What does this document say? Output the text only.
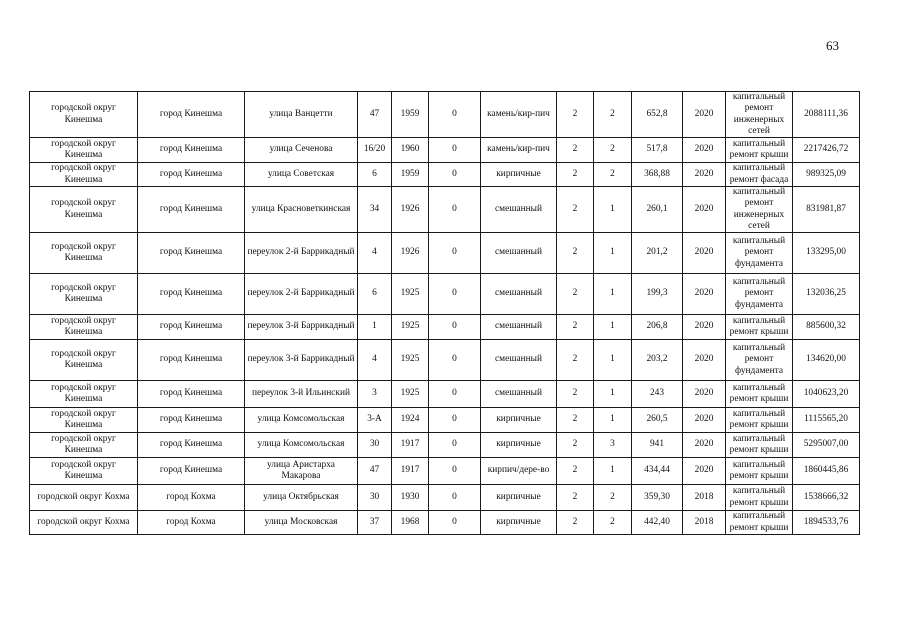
63
городской округ Кинешма	город Кинешма	улица Ванцетти	47	1959	0	камень/кир-пич	2	2	652,8	2020	капитальный ремонт инженерных сетей	2088111,36
городской округ Кинешма	город Кинешма	улица Сеченова	16/20	1960	0	камень/кир-пич	2	2	517,8	2020	капитальный ремонт крыши	2217426,72
городской округ Кинешма	город Кинешма	улица Советская	6	1959	0	кирпичные	2	2	368,88	2020	капитальный ремонт фасада	989325,09
городской округ Кинешма	город Кинешма	улица Красноветкинская	34	1926	0	смешанный	2	1	260,1	2020	капитальный ремонт инженерных сетей	831981,87
городской округ Кинешма	город Кинешма	переулок 2-й Баррикадный	4	1926	0	смешанный	2	1	201,2	2020	капитальный ремонт фундамента	133295,00
городской округ Кинешма	город Кинешма	переулок 2-й Баррикадный	6	1925	0	смешанный	2	1	199,3	2020	капитальный ремонт фундамента	132036,25
городской округ Кинешма	город Кинешма	переулок 3-й Баррикадный	1	1925	0	смешанный	2	1	206,8	2020	капитальный ремонт крыши	885600,32
городской округ Кинешма	город Кинешма	переулок 3-й Баррикадный	4	1925	0	смешанный	2	1	203,2	2020	капитальный ремонт фундамента	134620,00
городской округ Кинешма	город Кинешма	переулок 3-й Ильинский	3	1925	0	смешанный	2	1	243	2020	капитальный ремонт крыши	1040623,20
городской округ Кинешма	город Кинешма	улица Комсомольская	3-А	1924	0	кирпичные	2	1	260,5	2020	капитальный ремонт крыши	1115565,20
городской округ Кинешма	город Кинешма	улица Комсомольская	30	1917	0	кирпичные	2	3	941	2020	капитальный ремонт крыши	5295007,00
городской округ Кинешма	город Кинешма	улица Аристарха Макарова	47	1917	0	кирпич/дере-во	2	1	434,44	2020	капитальный ремонт крыши	1860445,86
городской округ Кохма	город Кохма	улица Октябрьская	30	1930	0	кирпичные	2	2	359,30	2018	капитальный ремонт крыши	1538666,32
городской округ Кохма	город Кохма	улица Московская	37	1968	0	кирпичные	2	2	442,40	2018	капитальный ремонт крыши	1894533,76
